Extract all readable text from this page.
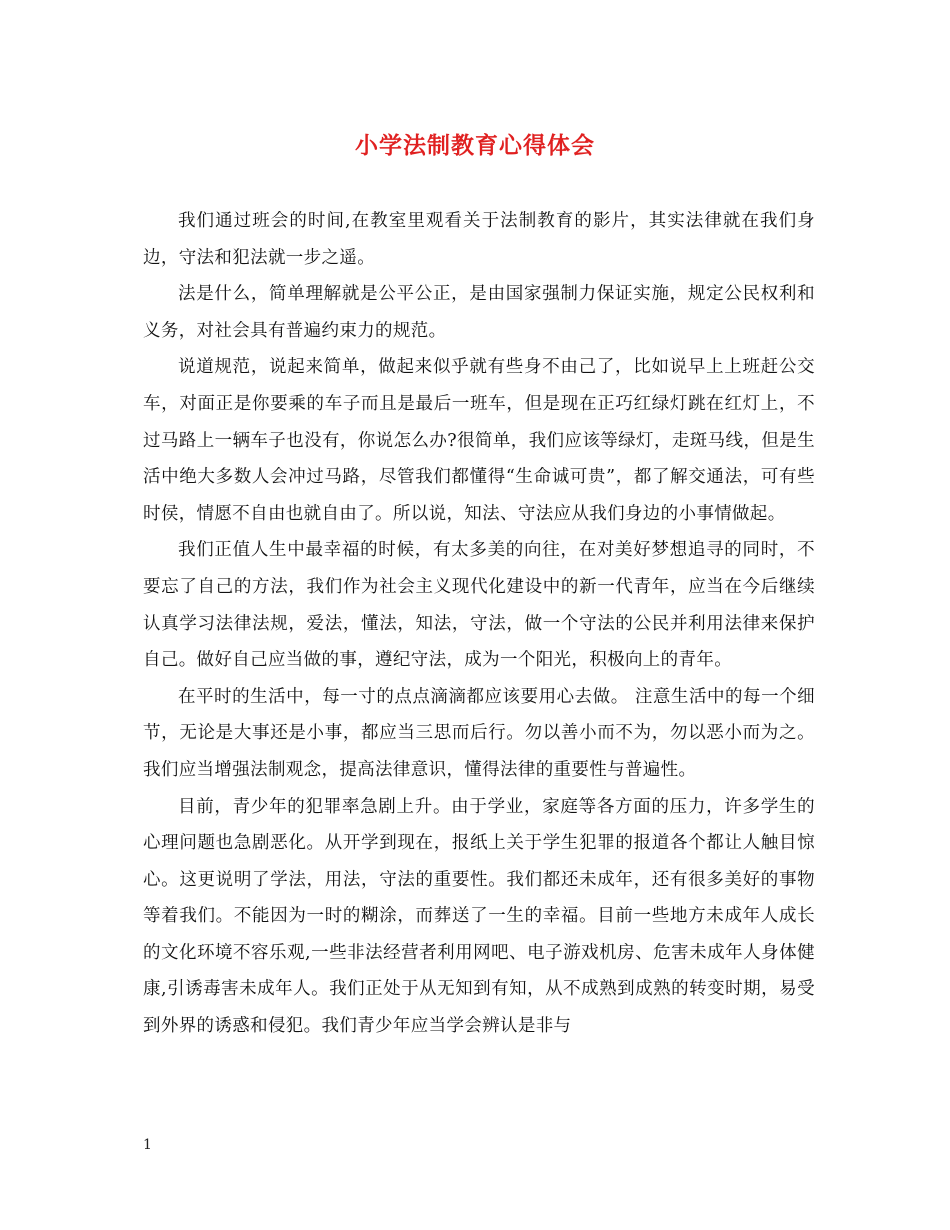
小学法制教育心得体会

我们通过班会的时间,在教室里观看关于法制教育的影片，其实法律就在我们身边，守法和犯法就一步之遥。

法是什么，简单理解就是公平公正，是由国家强制力保证实施，规定公民权利和义务，对社会具有普遍约束力的规范。

说道规范，说起来简单，做起来似乎就有些身不由己了，比如说早上上班赶公交车，对面正是你要乘的车子而且是最后一班车，但是现在正巧红绿灯跳在红灯上，不过马路上一辆车子也没有，你说怎么办?很简单，我们应该等绿灯，走斑马线，但是生活中绝大多数人会冲过马路，尽管我们都懂得“生命诚可贵”，都了解交通法，可有些时侯，情愿不自由也就自由了。所以说，知法、守法应从我们身边的小事情做起。

我们正值人生中最幸福的时候，有太多美的向往，在对美好梦想追寻的同时，不要忘了自己的方法，我们作为社会主义现代化建设中的新一代青年，应当在今后继续认真学习法律法规，爱法，懂法，知法，守法，做一个守法的公民并利用法律来保护自己。做好自己应当做的事，遵纪守法，成为一个阳光，积极向上的青年。

在平时的生活中，每一寸的点点滴滴都应该要用心去做。 注意生活中的每一个细节，无论是大事还是小事，都应当三思而后行。勿以善小而不为，勿以恶小而为之。我们应当增强法制观念，提高法律意识，懂得法律的重要性与普遍性。

目前，青少年的犯罪率急剧上升。由于学业，家庭等各方面的压力，许多学生的心理问题也急剧恶化。从开学到现在，报纸上关于学生犯罪的报道各个都让人触目惊心。这更说明了学法，用法，守法的重要性。我们都还未成年，还有很多美好的事物等着我们。不能因为一时的糊涂，而葬送了一生的幸福。目前一些地方未成年人成长的文化环境不容乐观,一些非法经营者利用网吧、电子游戏机房、危害未成年人身体健康,引诱毒害未成年人。我们正处于从无知到有知，从不成熟到成熟的转变时期，易受到外界的诱惑和侵犯。我们青少年应当学会辨认是非与

1
